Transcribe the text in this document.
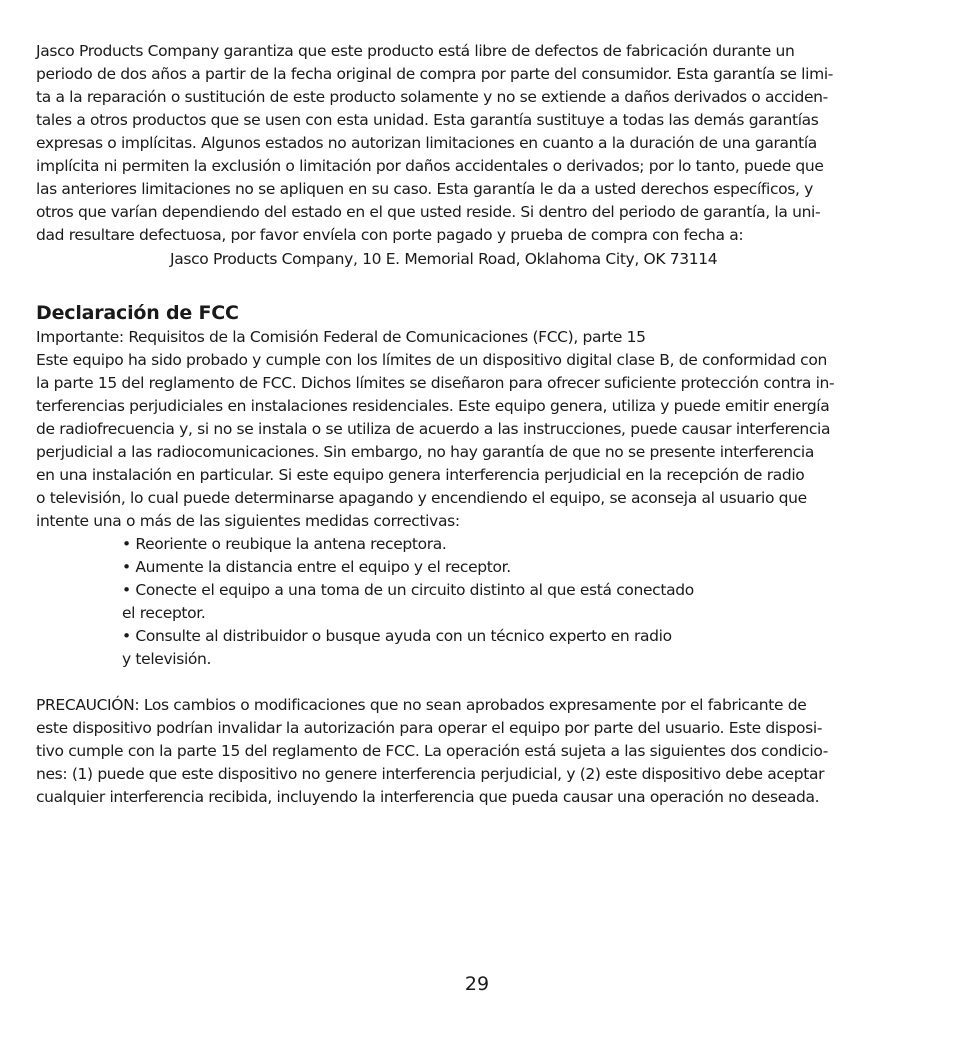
Jasco Products Company garantiza que este producto está libre de defectos de fabricación durante un
periodo de dos años a partir de la fecha original de compra por parte del consumidor. Esta garantía se limi-
ta a la reparación o sustitución de este producto solamente y no se extiende a daños derivados o acciden-
tales a otros productos que se usen con esta unidad. Esta garantía sustituye a todas las demás garantías
expresas o implícitas. Algunos estados no autorizan limitaciones en cuanto a la duración de una garantía
implícita ni permiten la exclusión o limitación por daños accidentales o derivados; por lo tanto, puede que
las anteriores limitaciones no se apliquen en su caso. Esta garantía le da a usted derechos específicos, y
otros que varían dependiendo del estado en el que usted reside. Si dentro del periodo de garantía, la uni-
dad resultare defectuosa, por favor envíela con porte pagado y prueba de compra con fecha a:
Jasco Products Company, 10 E. Memorial Road, Oklahoma City, OK 73114
Declaración de FCC
Importante: Requisitos de la Comisión Federal de Comunicaciones (FCC), parte 15
Este equipo ha sido probado y cumple con los límites de un dispositivo digital clase B, de conformidad con
la parte 15 del reglamento de FCC. Dichos límites se diseñaron para ofrecer suficiente protección contra in-
terferencias perjudiciales en instalaciones residenciales. Este equipo genera, utiliza y puede emitir energía
de radiofrecuencia y, si no se instala o se utiliza de acuerdo a las instrucciones, puede causar interferencia
perjudicial a las radiocomunicaciones. Sin embargo, no hay garantía de que no se presente interferencia
en una instalación en particular. Si este equipo genera interferencia perjudicial en la recepción de radio
o televisión, lo cual puede determinarse apagando y encendiendo el equipo, se aconseja al usuario que
intente una o más de las siguientes medidas correctivas:
• Reoriente o reubique la antena receptora.
• Aumente la distancia entre el equipo y el receptor.
• Conecte el equipo a una toma de un circuito distinto al que está conectado
el receptor.
• Consulte al distribuidor o busque ayuda con un técnico experto en radio
y televisión.
PRECAUCIÓN: Los cambios o modificaciones que no sean aprobados expresamente por el fabricante de
este dispositivo podrían invalidar la autorización para operar el equipo por parte del usuario. Este disposi-
tivo cumple con la parte 15 del reglamento de FCC. La operación está sujeta a las siguientes dos condicio-
nes: (1) puede que este dispositivo no genere interferencia perjudicial, y (2) este dispositivo debe aceptar
cualquier interferencia recibida, incluyendo la interferencia que pueda causar una operación no deseada.
29
